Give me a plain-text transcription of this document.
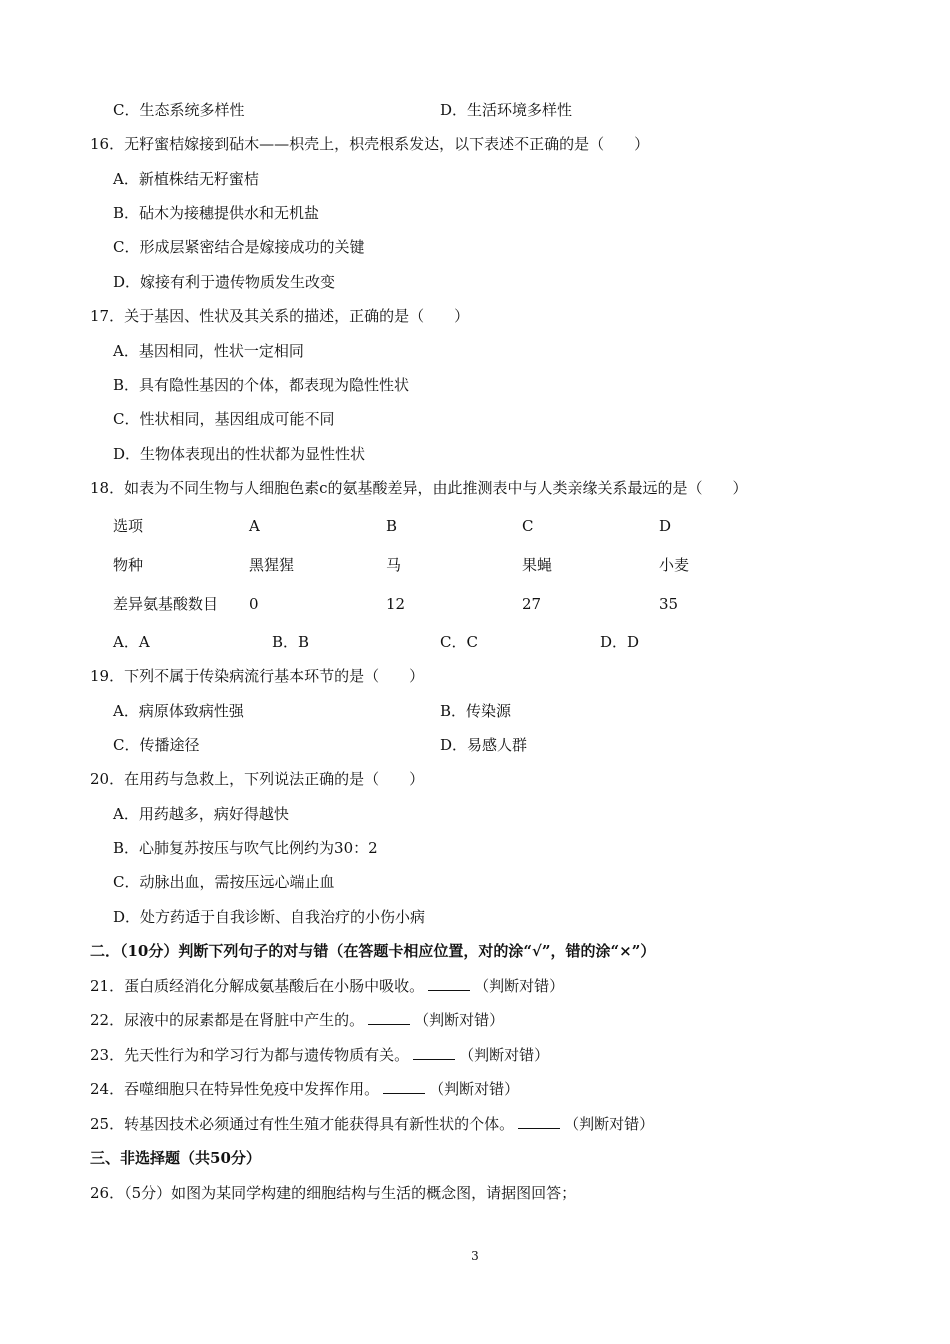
C．生态系统多样性	D．生活环境多样性
16．无籽蜜桔嫁接到砧木——枳壳上，枳壳根系发达，以下表述不正确的是（　　）
A．新植株结无籽蜜桔
B．砧木为接穗提供水和无机盐
C．形成层紧密结合是嫁接成功的关键
D．嫁接有利于遗传物质发生改变
17．关于基因、性状及其关系的描述，正确的是（　　）
A．基因相同，性状一定相同
B．具有隐性基因的个体，都表现为隐性性状
C．性状相同，基因组成可能不同
D．生物体表现出的性状都为显性性状
18．如表为不同生物与人细胞色素c的氨基酸差异，由此推测表中与人类亲缘关系最远的是（　　）
选项	A	B	C	D
物种	黑猩猩	马	果蝇	小麦
差异氨基酸数目 0	12	27	35
A．A	B．B	C．C	D．D
19．下列不属于传染病流行基本环节的是（　　）
A．病原体致病性强	B．传染源
C．传播途径	D．易感人群
20．在用药与急救上，下列说法正确的是（　　）
A．用药越多，病好得越快
B．心肺复苏按压与吹气比例约为30：2
C．动脉出血，需按压远心端止血
D．处方药适于自我诊断、自我治疗的小伤小病
二．（10分）判断下列句子的对与错（在答题卡相应位置，对的涂“√”，错的涂“×”）
21．蛋白质经消化分解成氨基酸后在小肠中吸收。	（判断对错）
22．尿液中的尿素都是在肾脏中产生的。	（判断对错）
23．先天性行为和学习行为都与遗传物质有关。	（判断对错）
24．吞噬细胞只在特异性免疫中发挥作用。	（判断对错）
25．转基因技术必须通过有性生殖才能获得具有新性状的个体。	（判断对错）
三、非选择题（共50分）
26．（5分）如图为某同学构建的细胞结构与生活的概念图，请据图回答；
3
